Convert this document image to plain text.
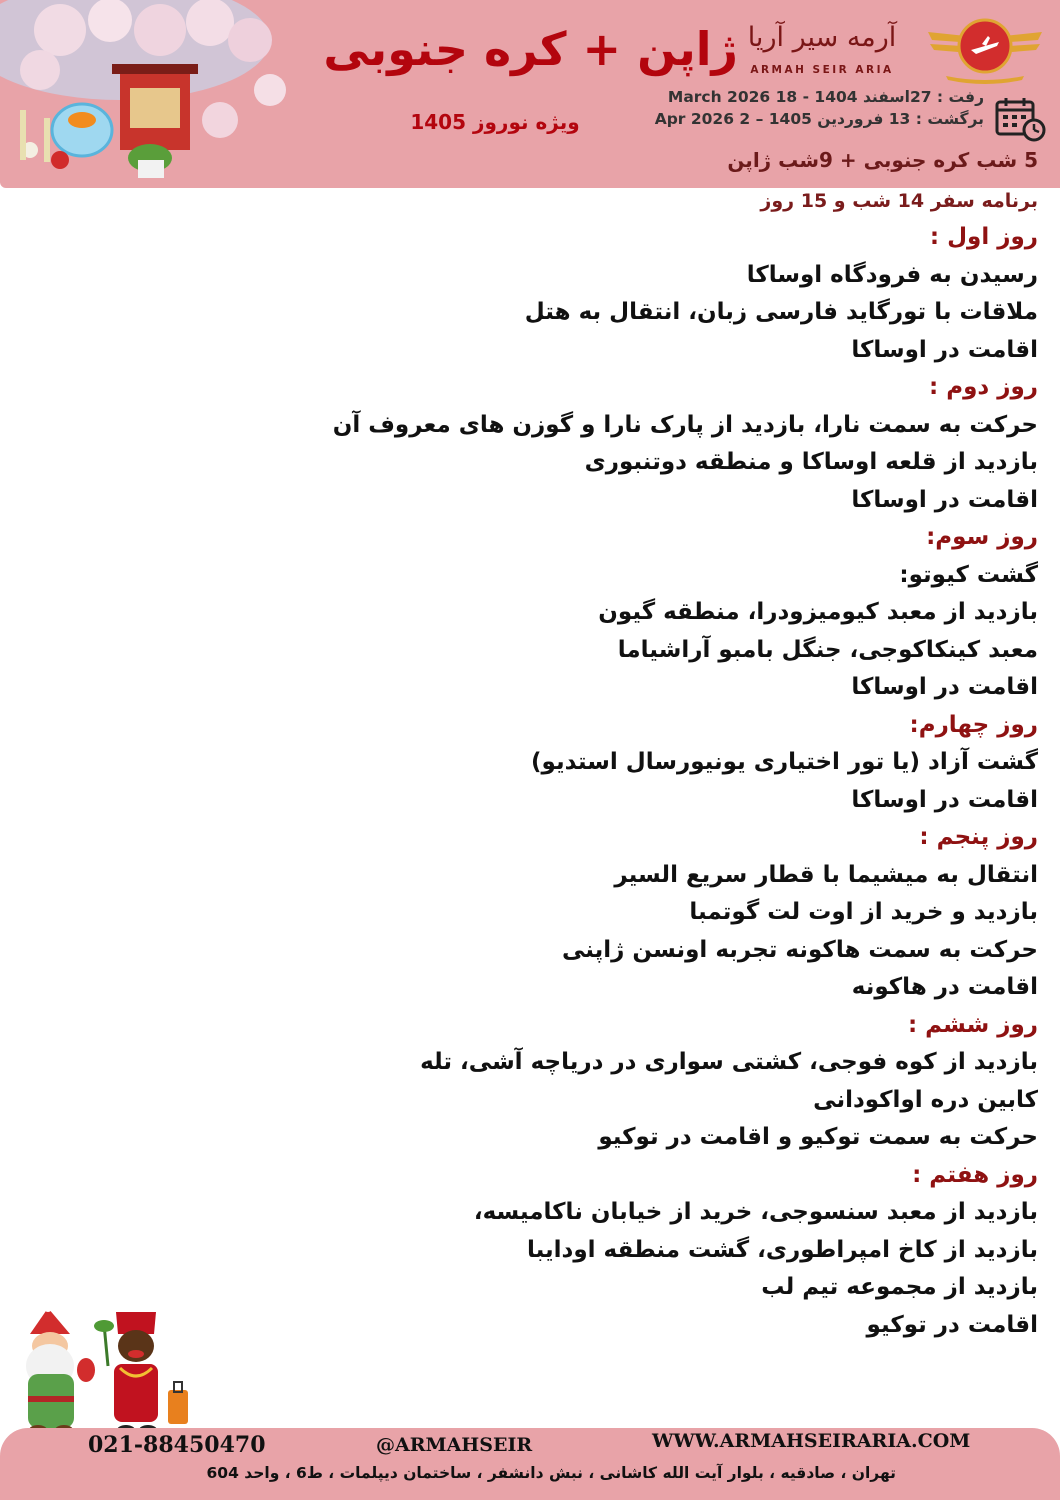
آرمه سیر آریا
ARMAH SEIR ARIA
ژاپن + کره جنوبی
ویژه نوروز 1405
رفت : 27اسفند 1404 - 18 March 2026
برگشت : 13 فروردین 1405 – 2 Apr 2026
5 شب کره جنوبی + 9شب ژاپن
برنامه سفر 14 شب و 15 روز
روز اول :
رسیدن به فرودگاه اوساکا
ملاقات با تورگاید فارسی زبان، انتقال به هتل
اقامت در اوساکا
روز دوم :
حرکت به سمت نارا، بازدید از پارک نارا و گوزن های معروف آن
بازدید از قلعه اوساکا و منطقه دوتنبوری
اقامت در اوساکا
روز سوم:
گشت کیوتو:
بازدید از معبد کیومیزودرا، منطقه گیون
معبد کینکاکوجی، جنگل بامبو آراشیاما
اقامت در اوساکا
روز چهارم:
گشت آزاد (یا تور اختیاری یونیورسال استدیو)
اقامت در اوساکا
روز پنجم :
انتقال به میشیما با قطار سریع السیر
بازدید و خرید از اوت لت گوتمبا
حرکت به سمت هاکونه تجربه اونسن ژاپنی
اقامت در هاکونه
روز ششم :
بازدید از کوه فوجی، کشتی سواری در دریاچه آشی، تله
کابین دره اواکودانی
حرکت به سمت توکیو و اقامت در توکیو
روز هفتم :
بازدید از معبد سنسوجی، خرید از خیابان ناکامیسه،
بازدید از کاخ امپراطوری، گشت منطقه اودایبا
بازدید از مجموعه تیم لب
اقامت در توکیو
021-88450470	@ARMAHSEIR	WWW.ARMAHSEIRARIA.COM
تهران ، صادقیه ، بلوار آیت الله کاشانی ، نبش دانشفر ، ساختمان دیپلمات ، ط6 ، واحد 604
